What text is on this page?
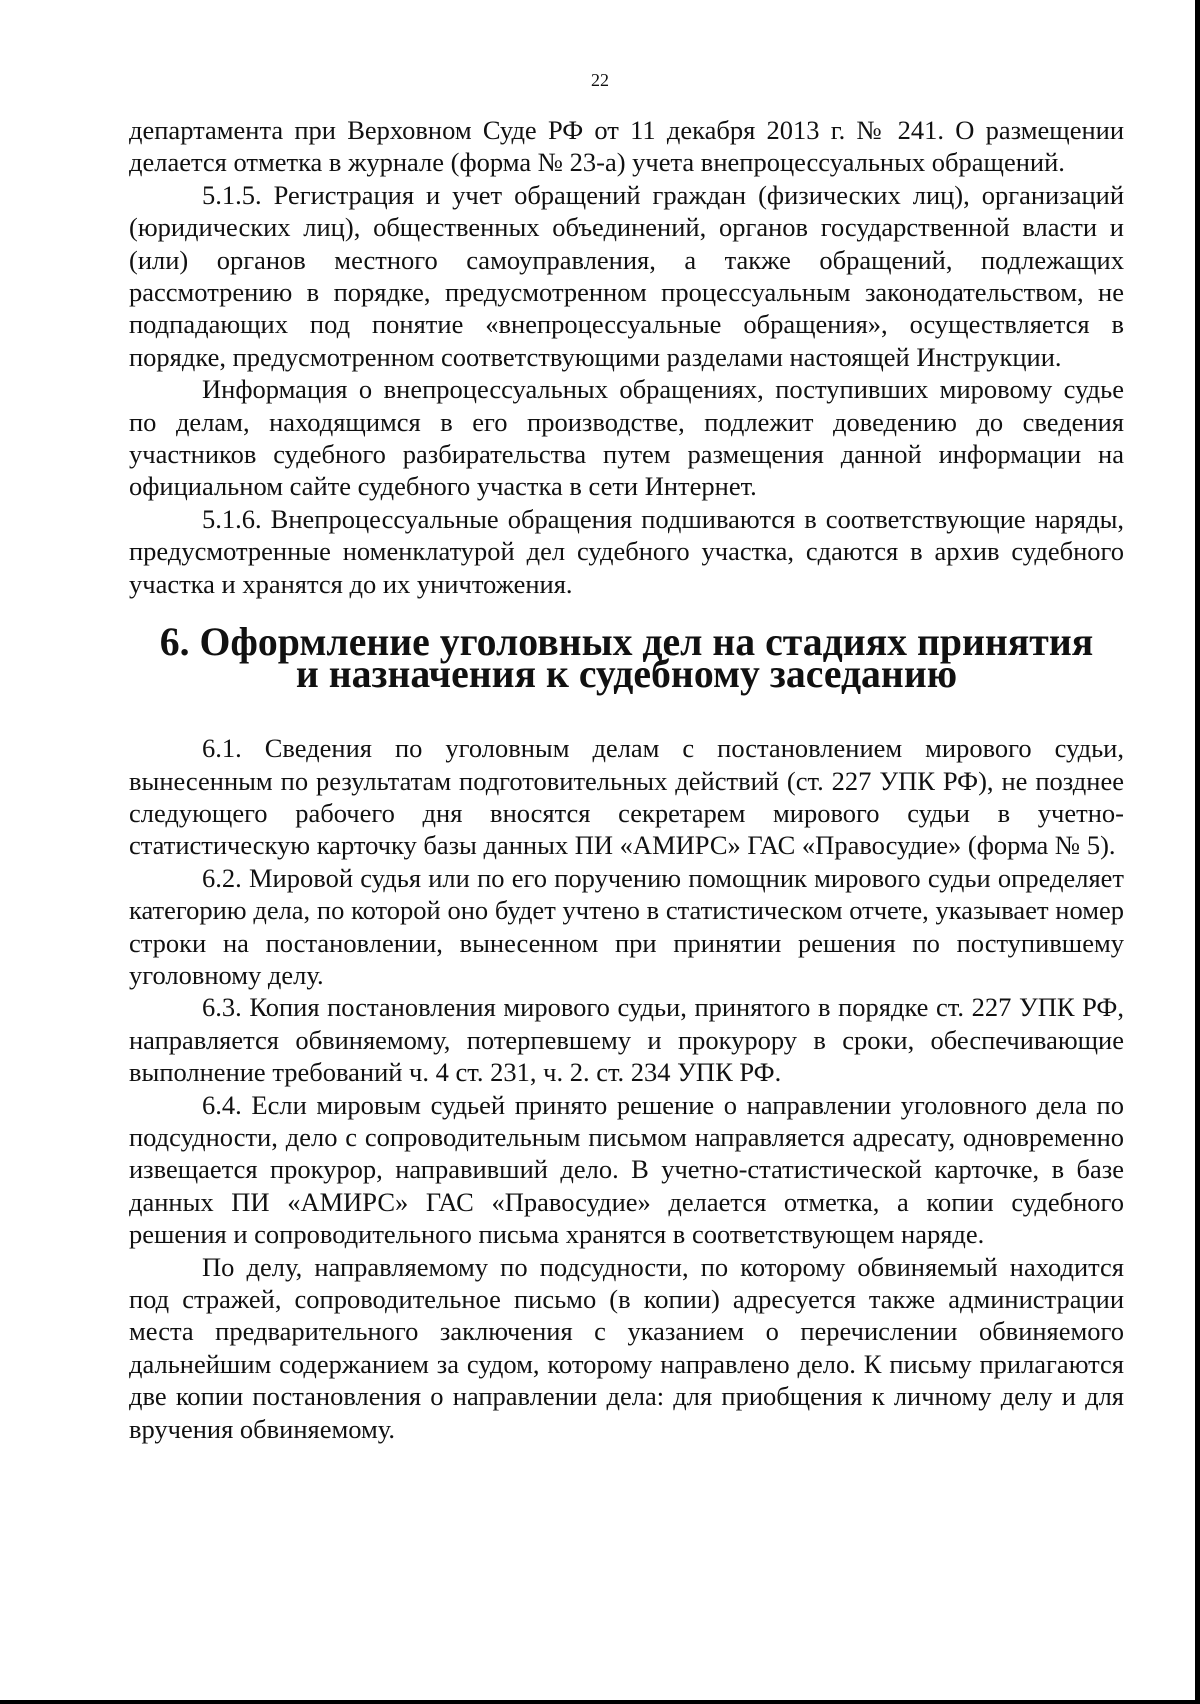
22

департамента при Верховном Суде РФ от 11 декабря 2013 г. № 241. О размещении делается отметка в журнале (форма № 23-а) учета внепроцессуальных обращений.

5.1.5. Регистрация и учет обращений граждан (физических лиц), организаций (юридических лиц), общественных объединений, органов государственной власти и (или) органов местного самоуправления, а также обращений, подлежащих рассмотрению в порядке, предусмотренном процессуальным законодательством, не подпадающих под понятие «внепроцессуальные обращения», осуществляется в порядке, предусмотренном соответствующими разделами настоящей Инструкции.

Информация о внепроцессуальных обращениях, поступивших мировому судье по делам, находящимся в его производстве, подлежит доведению до сведения участников судебного разбирательства путем размещения данной информации на официальном сайте судебного участка в сети Интернет.

5.1.6. Внепроцессуальные обращения подшиваются в соответствующие наряды, предусмотренные номенклатурой дел судебного участка, сдаются в архив судебного участка и хранятся до их уничтожения.

6. Оформление уголовных дел на стадиях принятия
и назначения к судебному заседанию

6.1. Сведения по уголовным делам с постановлением мирового судьи, вынесенным по результатам подготовительных действий (ст. 227 УПК РФ), не позднее следующего рабочего дня вносятся секретарем мирового судьи в учетно-статистическую карточку базы данных ПИ «АМИРС» ГАС «Правосудие» (форма № 5).

6.2. Мировой судья или по его поручению помощник мирового судьи определяет категорию дела, по которой оно будет учтено в статистическом отчете, указывает номер строки на постановлении, вынесенном при принятии решения по поступившему уголовному делу.

6.3. Копия постановления мирового судьи, принятого в порядке ст. 227 УПК РФ, направляется обвиняемому, потерпевшему и прокурору в сроки, обеспечивающие выполнение требований ч. 4 ст. 231, ч. 2. ст. 234 УПК РФ.

6.4. Если мировым судьей принято решение о направлении уголовного дела по подсудности, дело с сопроводительным письмом направляется адресату, одновременно извещается прокурор, направивший дело. В учетно-статистической карточке, в базе данных ПИ «АМИРС» ГАС «Правосудие» делается отметка, а копии судебного решения и сопроводительного письма хранятся в соответствующем наряде.

По делу, направляемому по подсудности, по которому обвиняемый находится под стражей, сопроводительное письмо (в копии) адресуется также администрации места предварительного заключения с указанием о перечислении обвиняемого дальнейшим содержанием за судом, которому направлено дело. К письму прилагаются две копии постановления о направлении дела: для приобщения к личному делу и для вручения обвиняемому.
